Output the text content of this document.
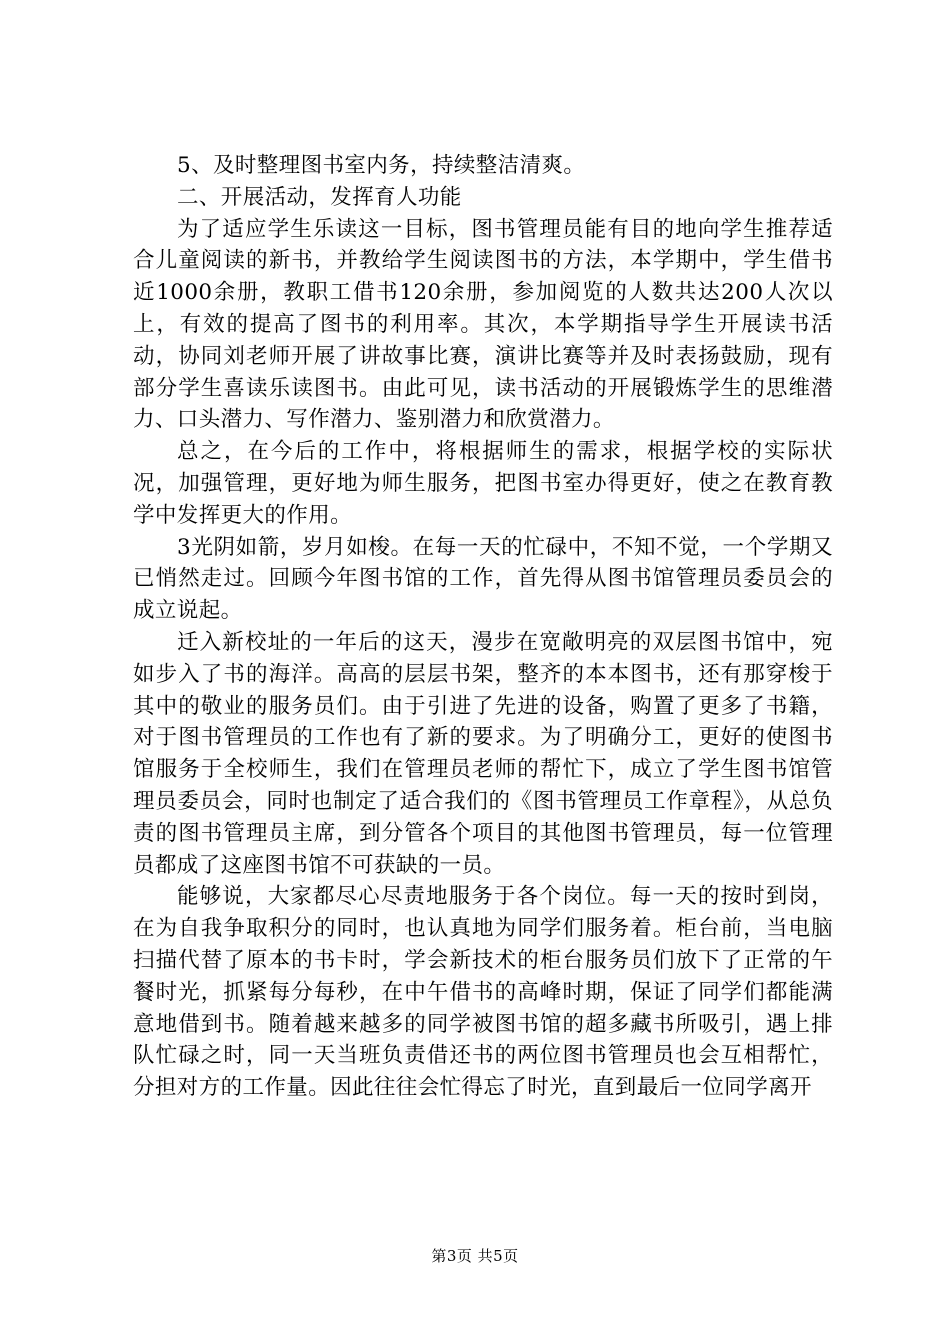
5、及时整理图书室内务，持续整洁清爽。

二、开展活动，发挥育人功能

为了适应学生乐读这一目标，图书管理员能有目的地向学生推荐适合儿童阅读的新书，并教给学生阅读图书的方法，本学期中，学生借书近1000余册，教职工借书120余册，参加阅览的人数共达200人次以上，有效的提高了图书的利用率。其次，本学期指导学生开展读书活动，协同刘老师开展了讲故事比赛，演讲比赛等并及时表扬鼓励，现有部分学生喜读乐读图书。由此可见，读书活动的开展锻炼学生的思维潜力、口头潜力、写作潜力、鉴别潜力和欣赏潜力。

总之，在今后的工作中，将根据师生的需求，根据学校的实际状况，加强管理，更好地为师生服务，把图书室办得更好，使之在教育教学中发挥更大的作用。

3光阴如箭，岁月如梭。在每一天的忙碌中，不知不觉，一个学期又已悄然走过。回顾今年图书馆的工作，首先得从图书馆管理员委员会的成立说起。

迁入新校址的一年后的这天，漫步在宽敞明亮的双层图书馆中，宛如步入了书的海洋。高高的层层书架，整齐的本本图书，还有那穿梭于其中的敬业的服务员们。由于引进了先进的设备，购置了更多了书籍，对于图书管理员的工作也有了新的要求。为了明确分工，更好的使图书馆服务于全校师生，我们在管理员老师的帮忙下，成立了学生图书馆管理员委员会，同时也制定了适合我们的《图书管理员工作章程》，从总负责的图书管理员主席，到分管各个项目的其他图书管理员，每一位管理员都成了这座图书馆不可获缺的一员。

能够说，大家都尽心尽责地服务于各个岗位。每一天的按时到岗，在为自我争取积分的同时，也认真地为同学们服务着。柜台前，当电脑扫描代替了原本的书卡时，学会新技术的柜台服务员们放下了正常的午餐时光，抓紧每分每秒，在中午借书的高峰时期，保证了同学们都能满意地借到书。随着越来越多的同学被图书馆的超多藏书所吸引，遇上排队忙碌之时，同一天当班负责借还书的两位图书管理员也会互相帮忙，分担对方的工作量。因此往往会忙得忘了时光，直到最后一位同学离开

第3页 共5页
